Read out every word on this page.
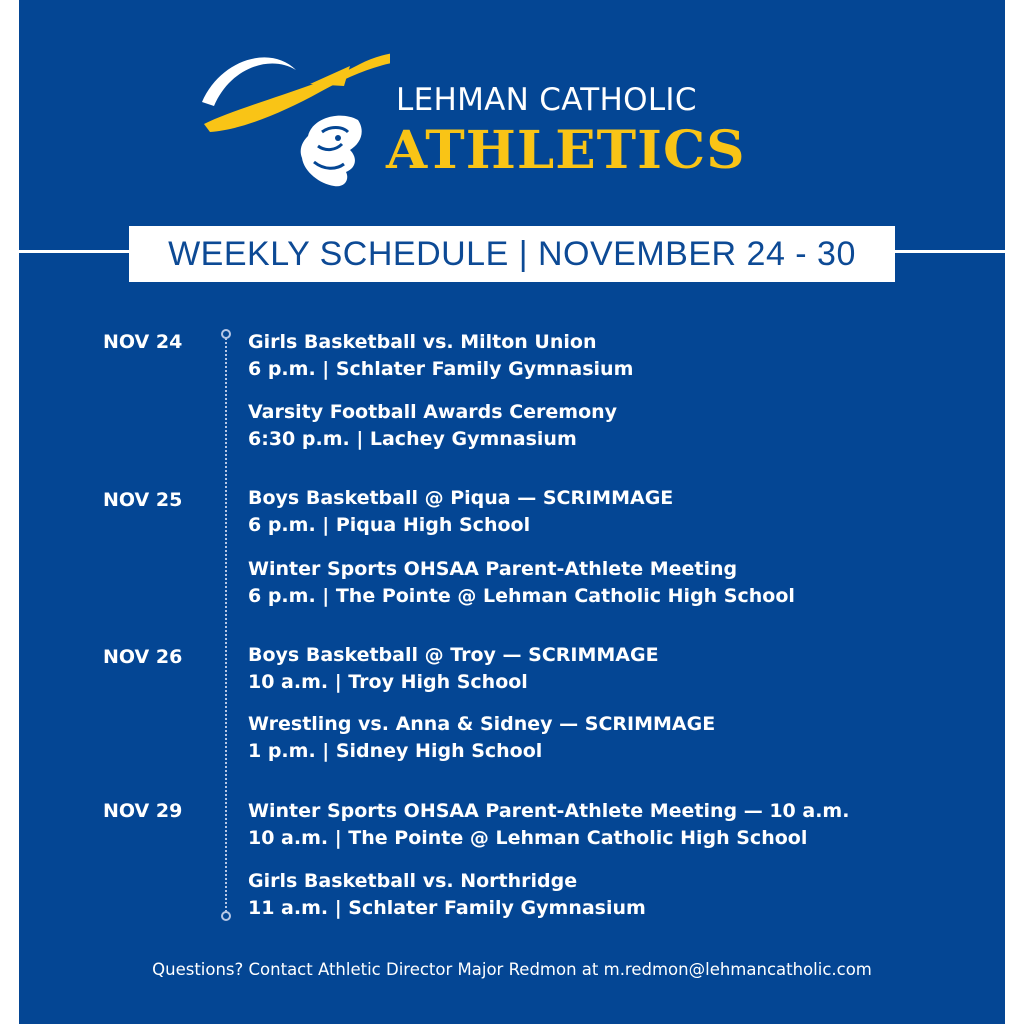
LEHMAN CATHOLIC
ATHLETICS
WEEKLY SCHEDULE | NOVEMBER 24 - 30
NOV 24	Girls Basketball vs. Milton Union
6 p.m. | Schlater Family Gymnasium
Varsity Football Awards Ceremony
6:30 p.m. | Lachey Gymnasium
NOV 25	Boys Basketball @ Piqua — SCRIMMAGE
6 p.m. | Piqua High School
Winter Sports OHSAA Parent-Athlete Meeting
6 p.m. | The Pointe @ Lehman Catholic High School
NOV 26	Boys Basketball @ Troy — SCRIMMAGE
10 a.m. | Troy High School
Wrestling vs. Anna & Sidney — SCRIMMAGE
1 p.m. | Sidney High School
NOV 29	Winter Sports OHSAA Parent-Athlete Meeting — 10 a.m.
10 a.m. | The Pointe @ Lehman Catholic High School
Girls Basketball vs. Northridge
11 a.m. | Schlater Family Gymnasium
Questions? Contact Athletic Director Major Redmon at m.redmon@lehmancatholic.com
